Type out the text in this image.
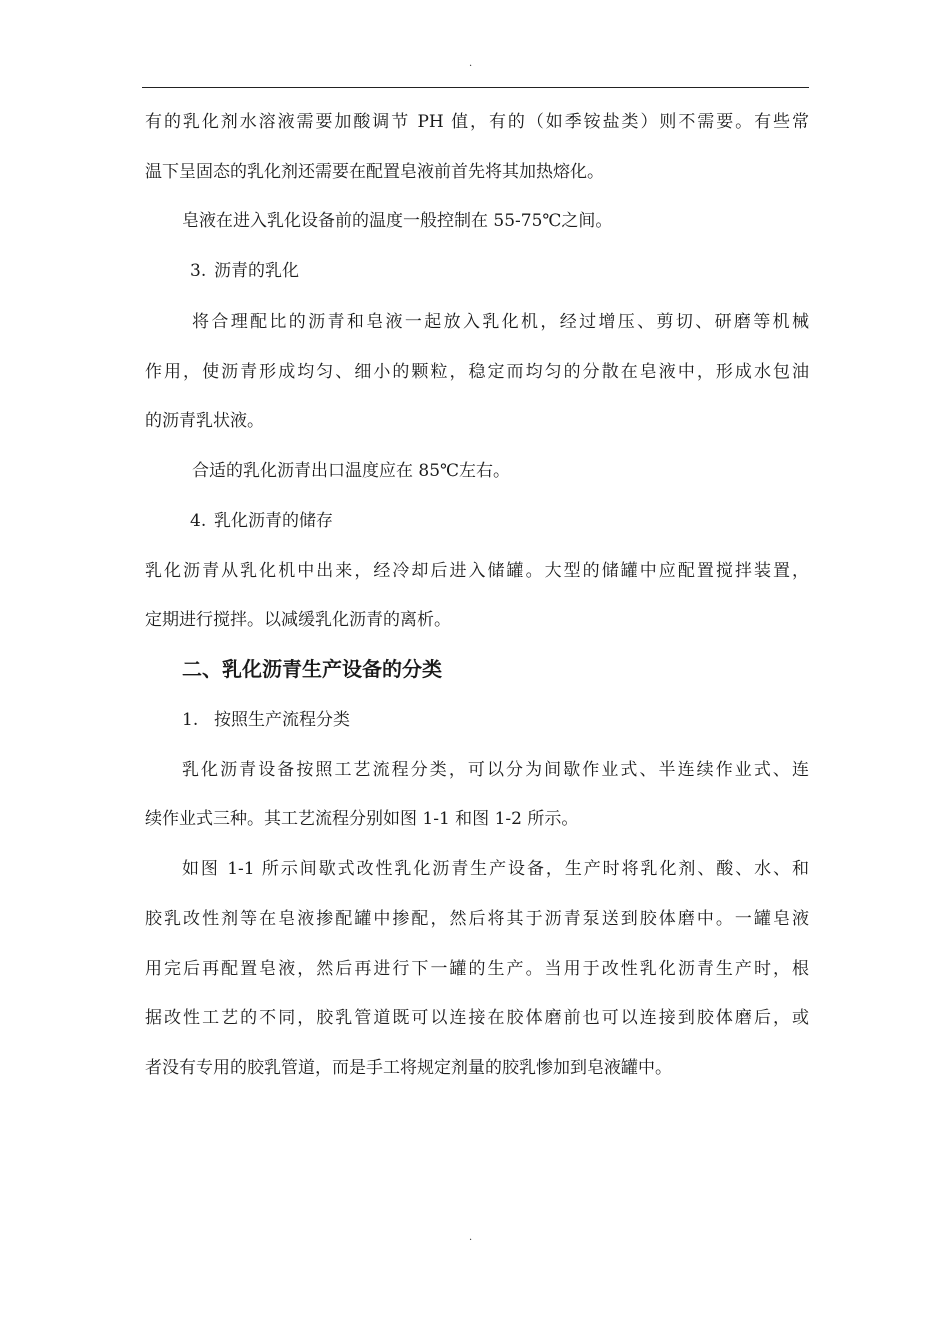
.
有的乳化剂水溶液需要加酸调节 PH 值，有的（如季铵盐类）则不需要。有些常
温下呈固态的乳化剂还需要在配置皂液前首先将其加热熔化。
皂液在进入乳化设备前的温度一般控制在 55-75℃之间。
3. 沥青的乳化
将合理配比的沥青和皂液一起放入乳化机，经过增压、剪切、研磨等机械
作用，使沥青形成均匀、细小的颗粒，稳定而均匀的分散在皂液中，形成水包油
的沥青乳状液。
合适的乳化沥青出口温度应在 85℃左右。
4. 乳化沥青的储存
乳化沥青从乳化机中出来，经冷却后进入储罐。大型的储罐中应配置搅拌装置，
定期进行搅拌。以减缓乳化沥青的离析。
二、乳化沥青生产设备的分类
1. 按照生产流程分类
乳化沥青设备按照工艺流程分类，可以分为间歇作业式、半连续作业式、连
续作业式三种。其工艺流程分别如图 1-1 和图 1-2 所示。
如图 1-1 所示间歇式改性乳化沥青生产设备，生产时将乳化剂、酸、水、和
胶乳改性剂等在皂液掺配罐中掺配，然后将其于沥青泵送到胶体磨中。一罐皂液
用完后再配置皂液，然后再进行下一罐的生产。当用于改性乳化沥青生产时，根
据改性工艺的不同，胶乳管道既可以连接在胶体磨前也可以连接到胶体磨后，或
者没有专用的胶乳管道，而是手工将规定剂量的胶乳惨加到皂液罐中。
.
